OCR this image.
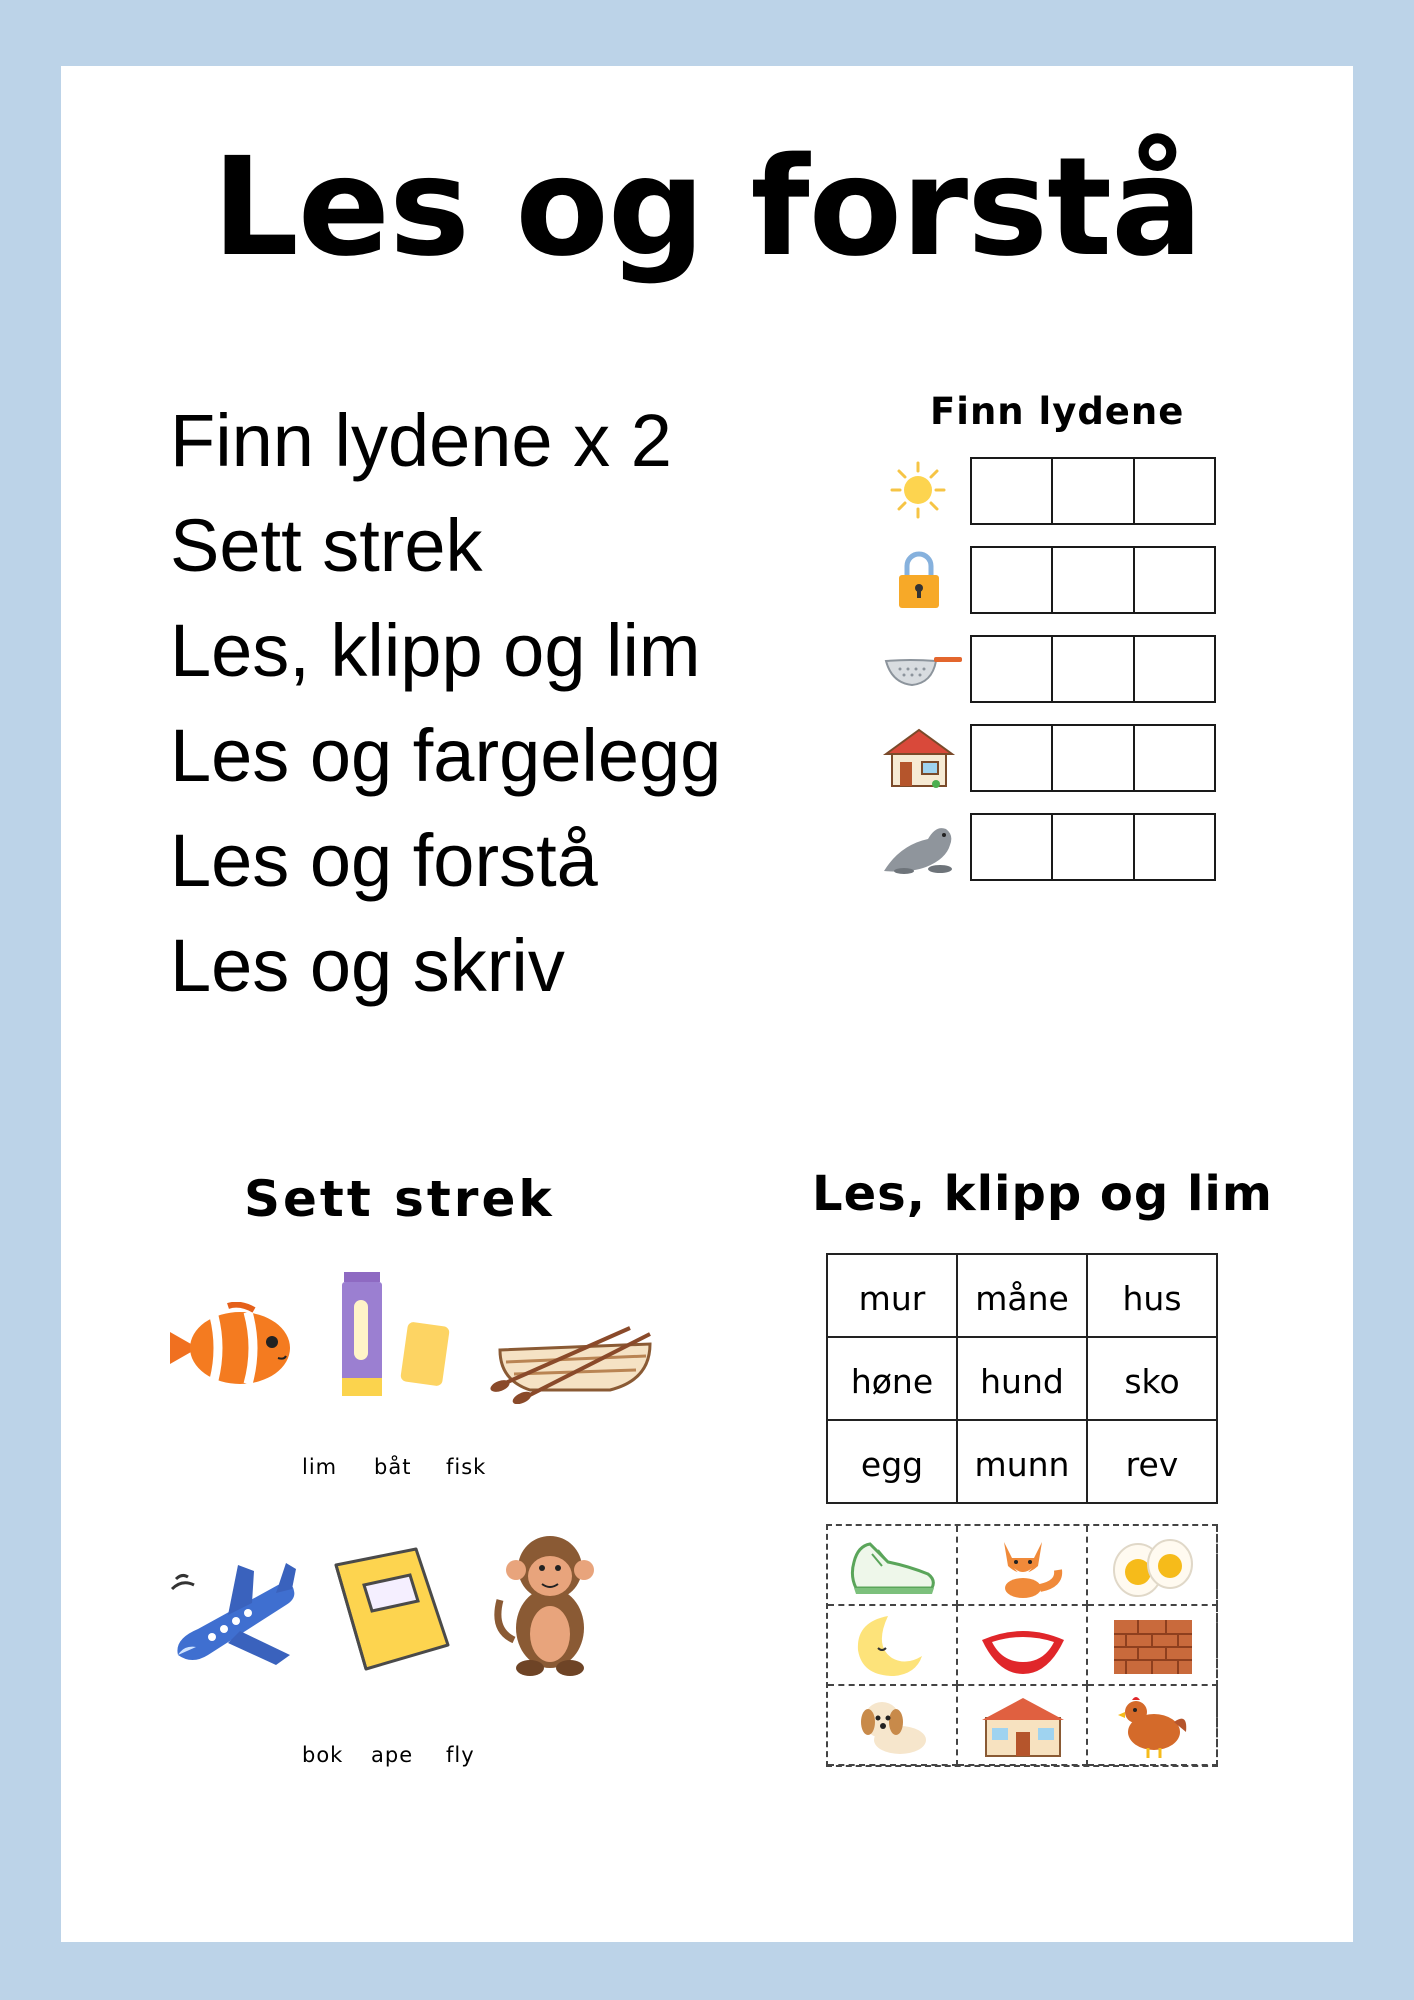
Les og forstå
Finn lydene x 2
Sett strek
Les, klipp og lim
Les og fargelegg
Les og forstå
Les og skriv
Finn lydene
Sett strek
lim båt fisk
bok ape fly
Les, klipp og lim
mur	måne	hus
høne	hund	sko
egg	munn	rev
